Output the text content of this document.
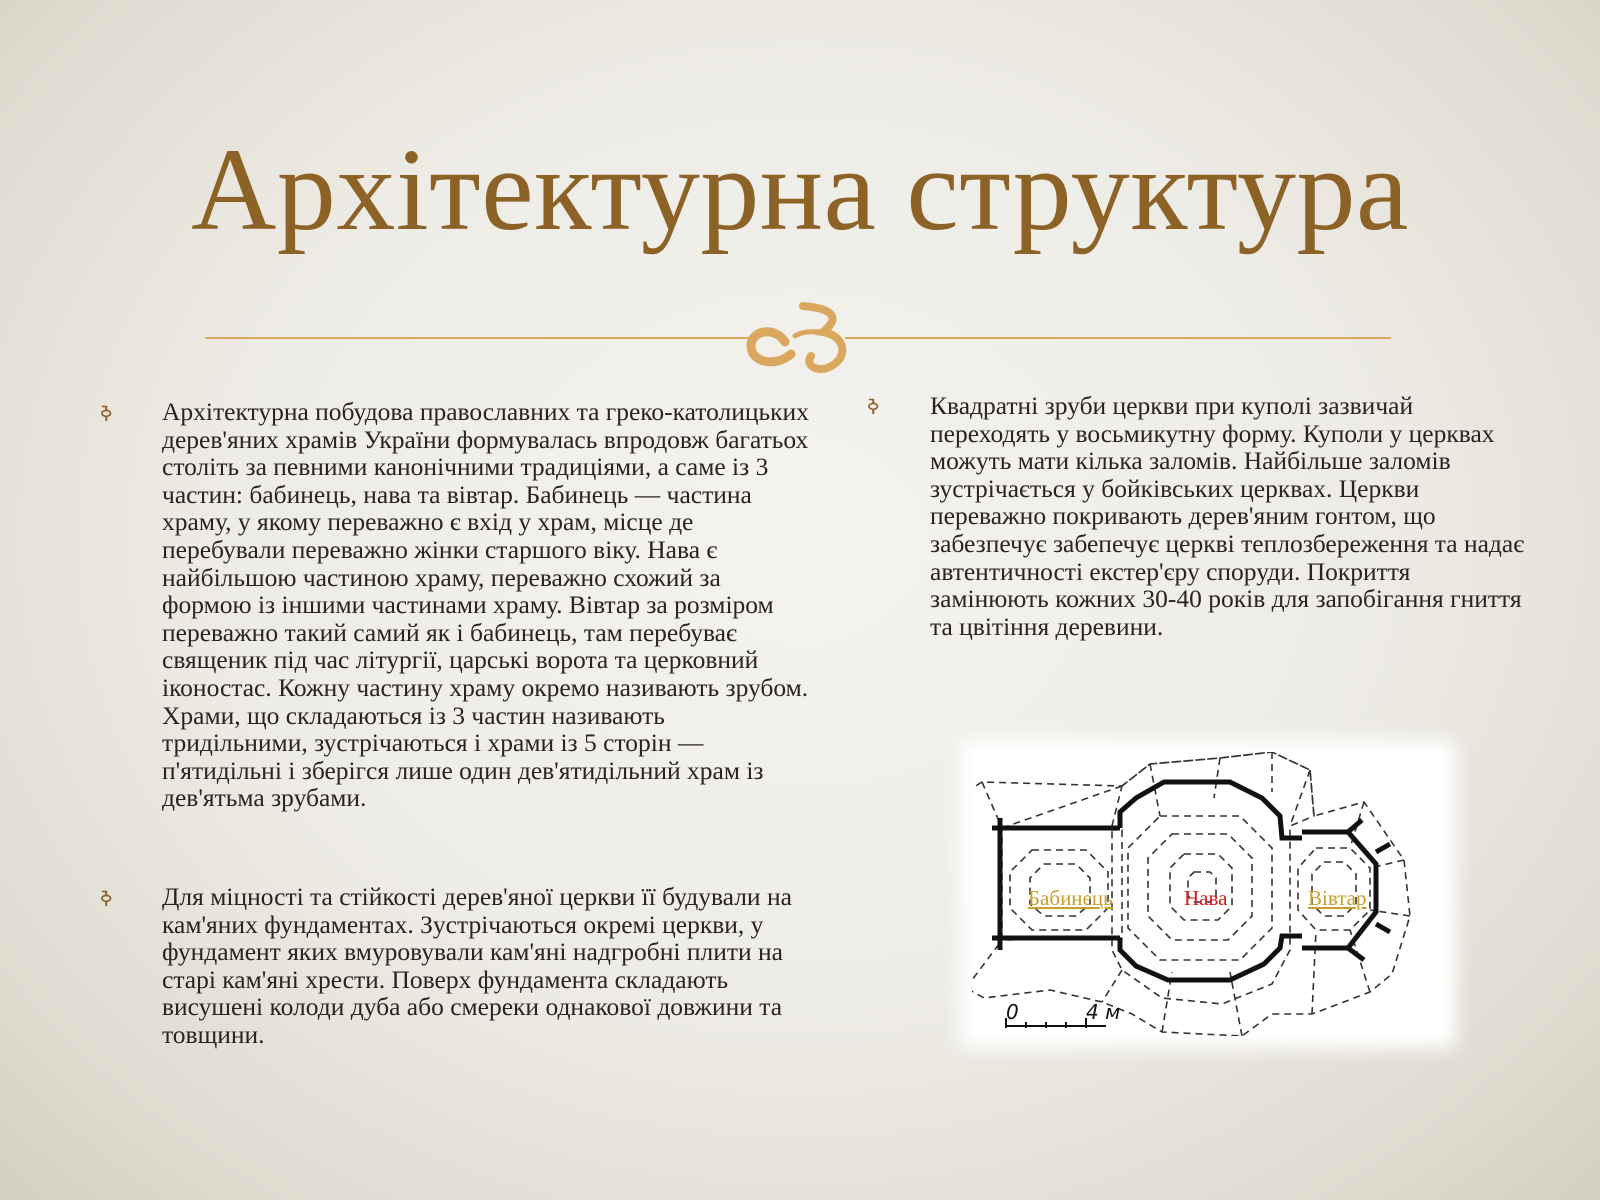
Архітектурна структура
ߢ Архітектурна побудова православних та греко-католицьких дерев'яних храмів України формувалась впродовж багатьох століть за певними канонічними традиціями, а саме із 3 частин: бабинець, нава та вівтар. Бабинець — частина храму, у якому переважно є вхід у храм, місце де перебували переважно жінки старшого віку. Нава є найбільшою частиною храму, переважно схожий за формою із іншими частинами храму. Вівтар за розміром переважно такий самий як і бабинець, там перебуває священик під час літургії, царські ворота та церковний іконостас. Кожну частину храму окремо називають зрубом. Храми, що складаються із 3 частин називають тридільними, зустрічаються і храми із 5 сторін — п'ятидільні і зберігся лише один дев'ятидільний храм із дев'ятьма зрубами.

ߢ Для міцності та стійкості дерев'яної церкви її будували на кам'яних фундаментах. Зустрічаються окремі церкви, у фундамент яких вмуровували кам'яні надгробні плити на старі кам'яні хрести. Поверх фундамента складають висушені колоди дуба або смереки однакової довжини та товщини.

ߢ Квадратні зруби церкви при куполі зазвичай переходять у восьмикутну форму. Куполи у церквах можуть мати кілька заломів. Найбільше заломів зустрічається у бойківських церквах. Церкви переважно покривають дерев'яним гонтом, що забезпечує забепечує церкві теплозбереження та надає автентичності екстер'єру споруди. Покриття замінюють кожних 30-40 років для запобігання гниття та цвітіння деревини.

Бабинець	Нава	Вівтар
0	4 м
